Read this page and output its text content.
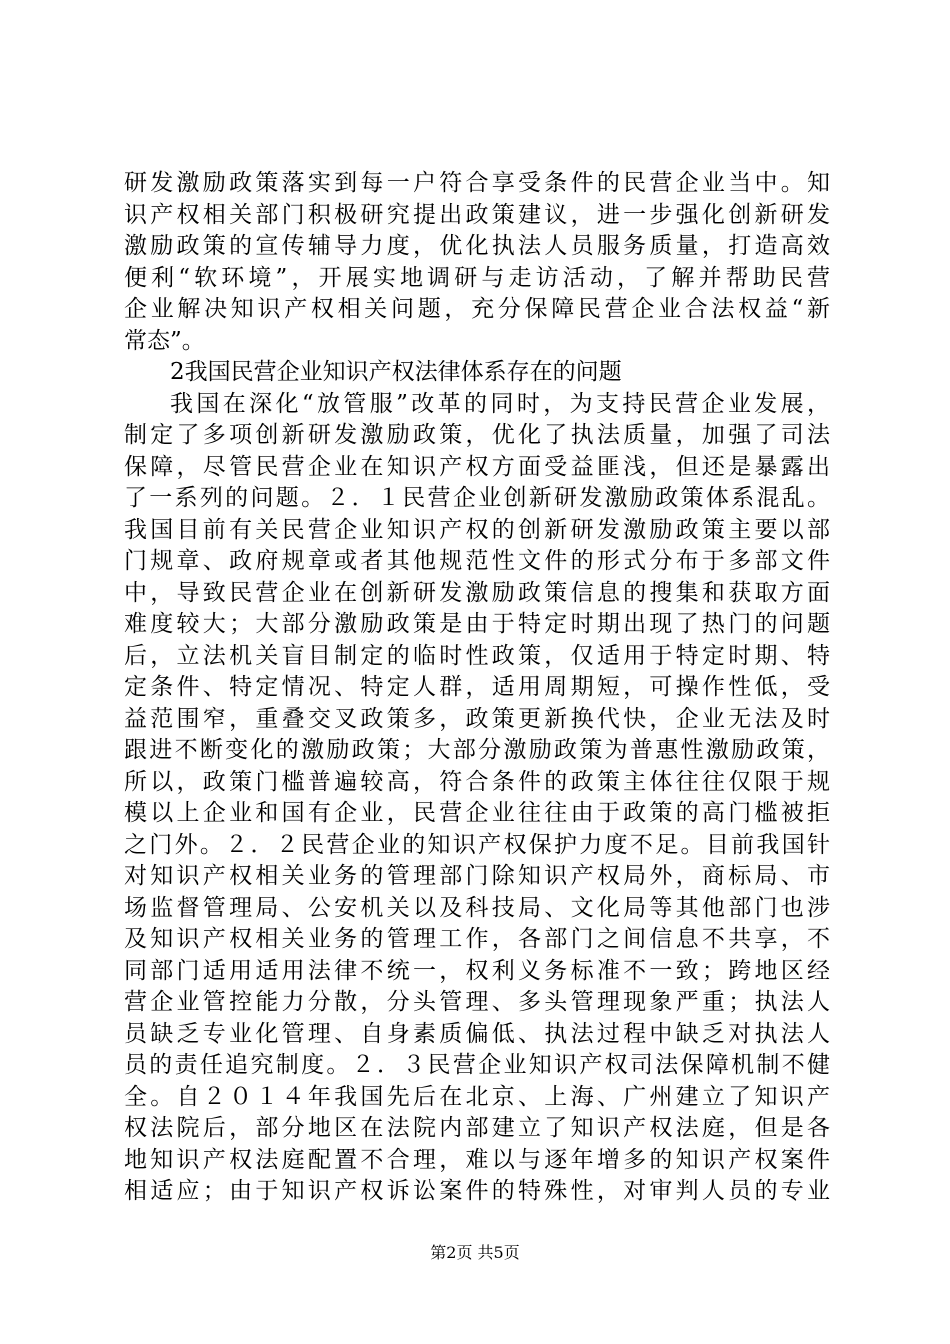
研发激励政策落实到每一户符合享受条件的民营企业当中。知
识产权相关部门积极研究提出政策建议，进一步强化创新研发
激励政策的宣传辅导力度，优化执法人员服务质量，打造高效
便利“软环境”，开展实地调研与走访活动，了解并帮助民营
企业解决知识产权相关问题，充分保障民营企业合法权益“新
常态”。
2我国民营企业知识产权法律体系存在的问题
我国在深化“放管服”改革的同时，为支持民营企业发展，
制定了多项创新研发激励政策，优化了执法质量，加强了司法
保障，尽管民营企业在知识产权方面受益匪浅，但还是暴露出
了一系列的问题。２．１民营企业创新研发激励政策体系混乱。
我国目前有关民营企业知识产权的创新研发激励政策主要以部
门规章、政府规章或者其他规范性文件的形式分布于多部文件
中，导致民营企业在创新研发激励政策信息的搜集和获取方面
难度较大；大部分激励政策是由于特定时期出现了热门的问题
后，立法机关盲目制定的临时性政策，仅适用于特定时期、特
定条件、特定情况、特定人群，适用周期短，可操作性低，受
益范围窄，重叠交叉政策多，政策更新换代快，企业无法及时
跟进不断变化的激励政策；大部分激励政策为普惠性激励政策，
所以，政策门槛普遍较高，符合条件的政策主体往往仅限于规
模以上企业和国有企业，民营企业往往由于政策的高门槛被拒
之门外。２．２民营企业的知识产权保护力度不足。目前我国针
对知识产权相关业务的管理部门除知识产权局外，商标局、市
场监督管理局、公安机关以及科技局、文化局等其他部门也涉
及知识产权相关业务的管理工作，各部门之间信息不共享，不
同部门适用适用法律不统一，权利义务标准不一致；跨地区经
营企业管控能力分散，分头管理、多头管理现象严重；执法人
员缺乏专业化管理、自身素质偏低、执法过程中缺乏对执法人
员的责任追究制度。２．３民营企业知识产权司法保障机制不健
全。自２０１４年我国先后在北京、上海、广州建立了知识产
权法院后，部分地区在法院内部建立了知识产权法庭，但是各
地知识产权法庭配置不合理，难以与逐年增多的知识产权案件
相适应；由于知识产权诉讼案件的特殊性，对审判人员的专业
第2页 共5页
